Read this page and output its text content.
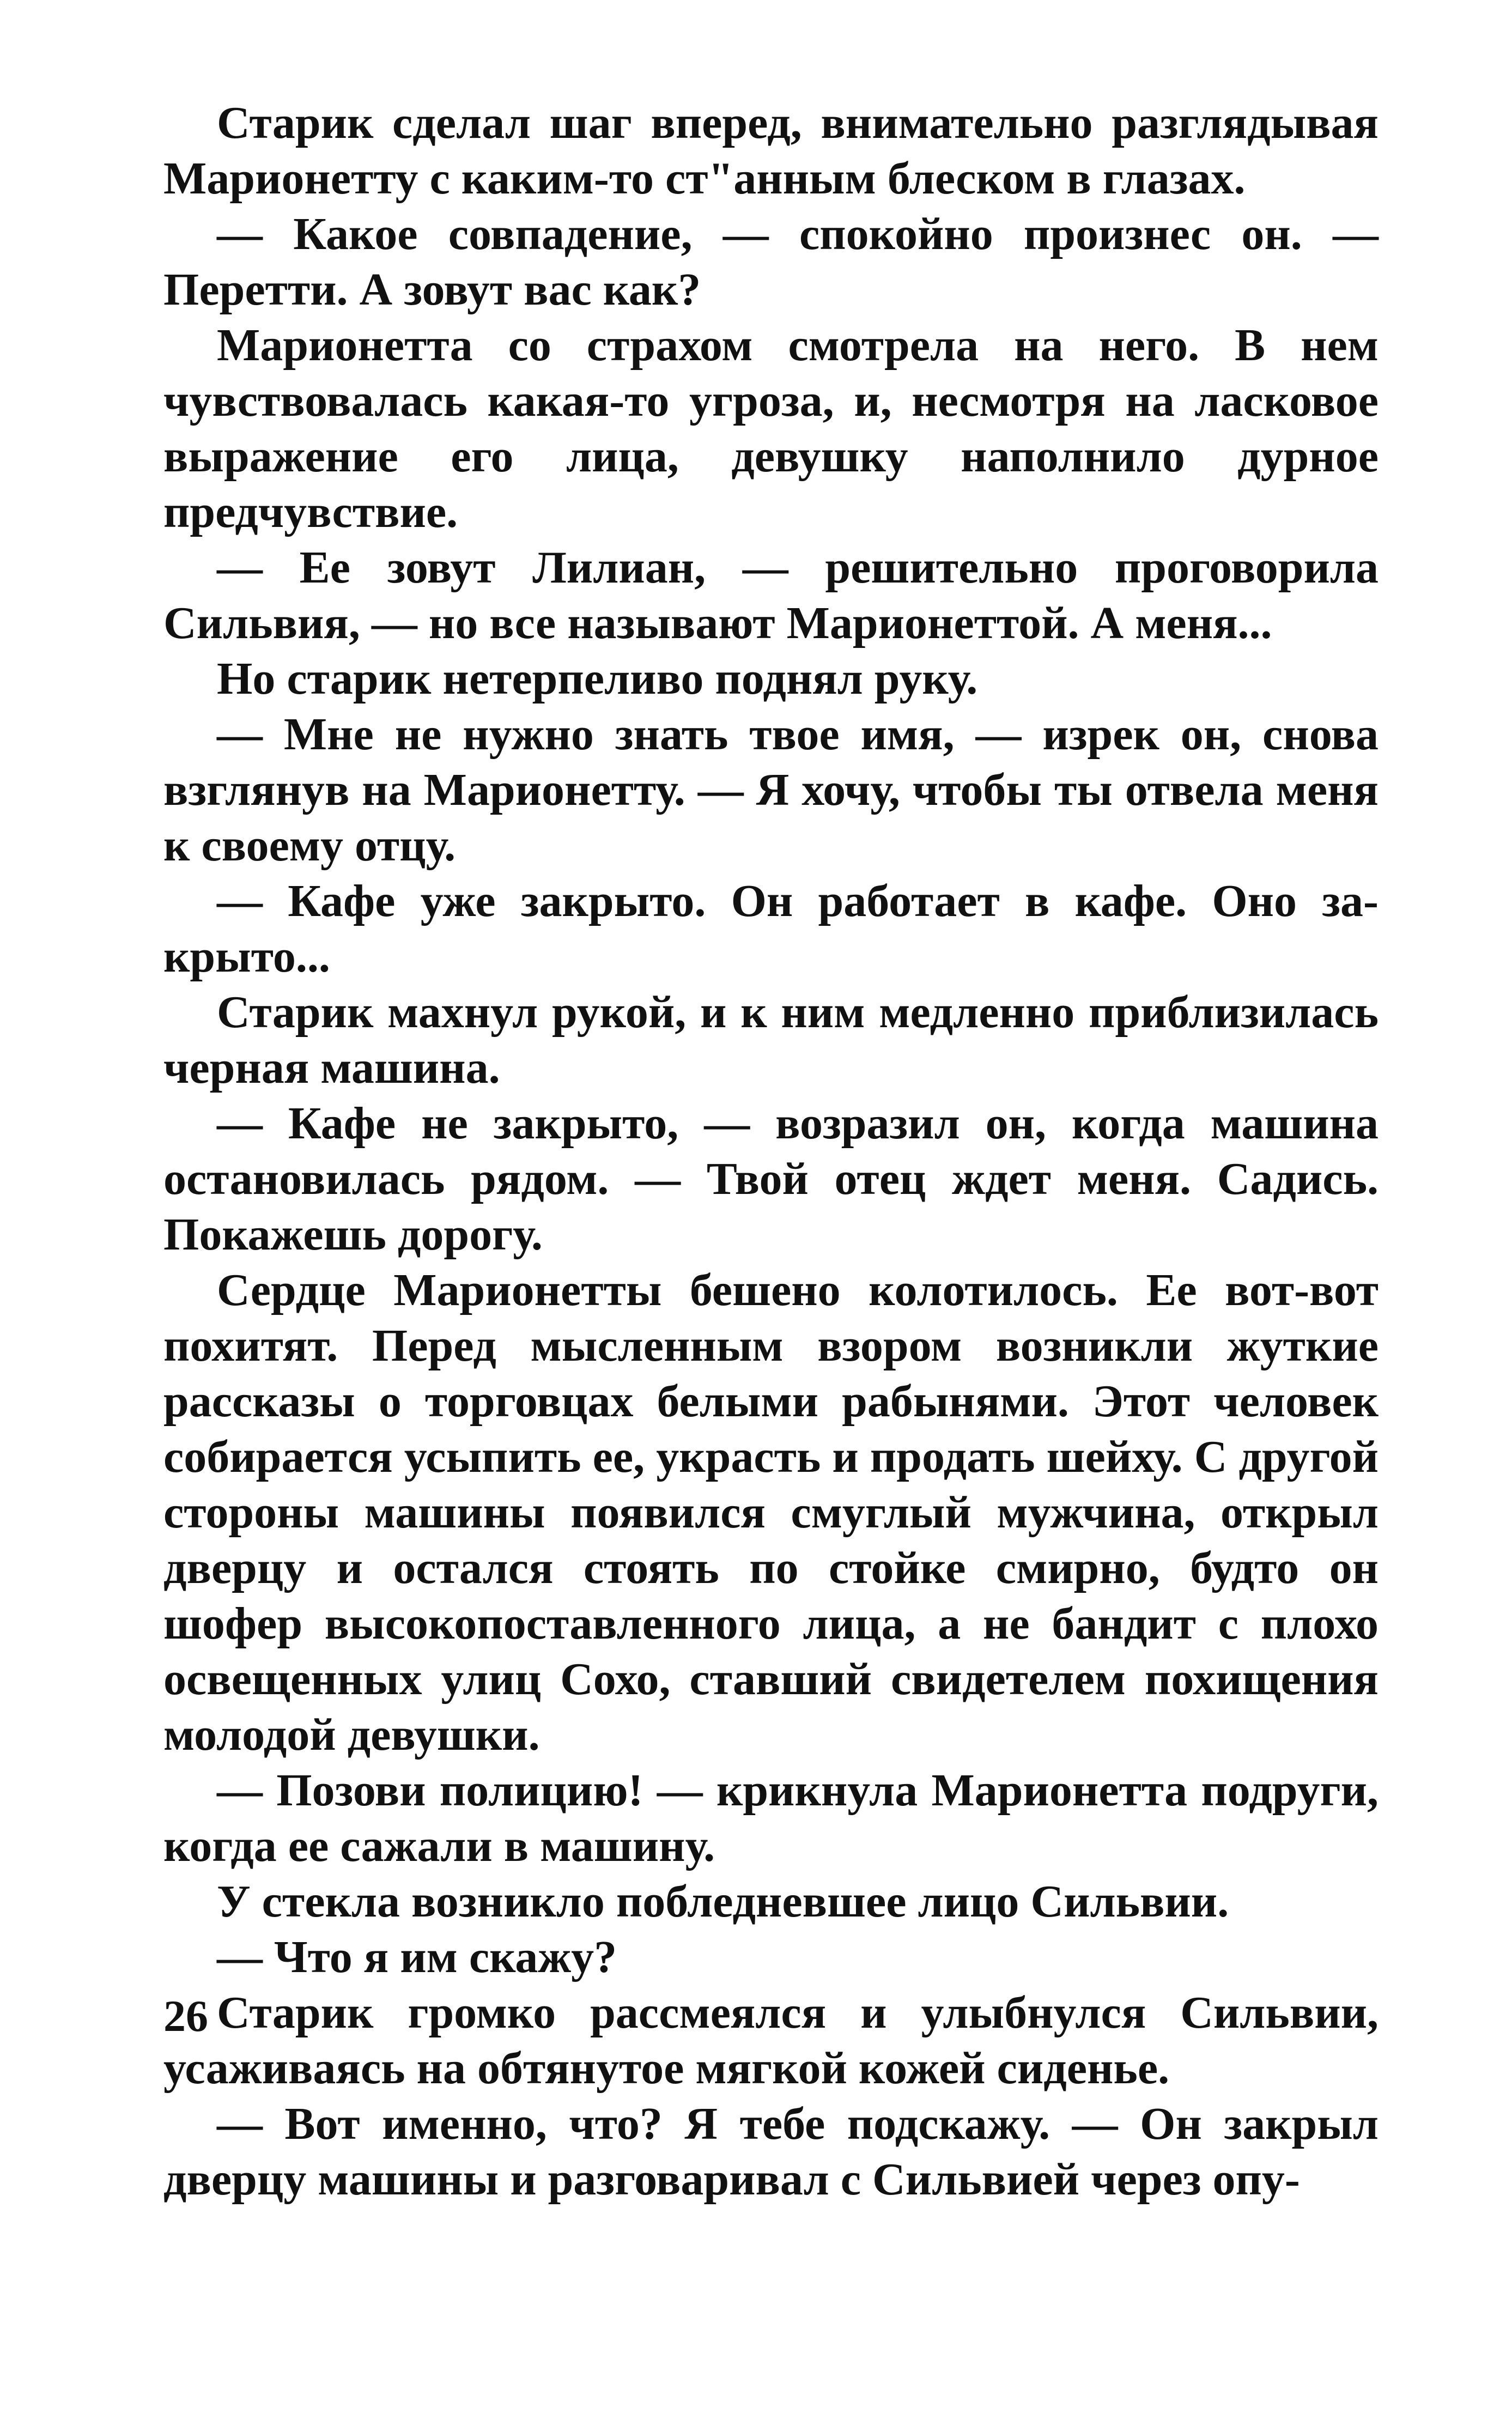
Старик сделал шаг вперед, внимательно разглядывая Марионетту с каким-то ст"анным блеском в глазах.

— Какое совпадение, — спокойно произнес он. — Перетти. А зовут вас как?

Марионетта со страхом смотрела на него. В нем чувствовалась какая-то угроза, и, несмотря на ласковое выражение его лица, девушку наполнило дурное предчувствие.

— Ее зовут Лилиан, — решительно проговорила Сильвия, — но все называют Марионеттой. А меня...

Но старик нетерпеливо поднял руку.

— Мне не нужно знать твое имя, — изрек он, снова взглянув на Марионетту. — Я хочу, чтобы ты отвела меня к своему отцу.

— Кафе уже закрыто. Он работает в кафе. Оно закрыто...

Старик махнул рукой, и к ним медленно приблизилась черная машина.

— Кафе не закрыто, — возразил он, когда машина остановилась рядом. — Твой отец ждет меня. Садись. Покажешь дорогу.

Сердце Марионетты бешено колотилось. Ее вот-вот похитят. Перед мысленным взором возникли жуткие рассказы о торговцах белыми рабынями. Этот человек собирается усыпить ее, украсть и продать шейху. С другой стороны машины появился смуглый мужчина, открыл дверцу и остался стоять по стойке смирно, будто он шофер высокопоставленного лица, а не бандит с плохо освещенных улиц Сохо, ставший свидетелем похищения молодой девушки.

— Позови полицию! — крикнула Марионетта подруги, когда ее сажали в машину.

У стекла возникло побледневшее лицо Сильвии.

— Что я им скажу?

Старик громко рассмеялся и улыбнулся Сильвии, усаживаясь на обтянутое мягкой кожей сиденье.

— Вот именно, что? Я тебе подскажу. — Он закрыл дверцу машины и разговаривал с Сильвией через опу-

26
